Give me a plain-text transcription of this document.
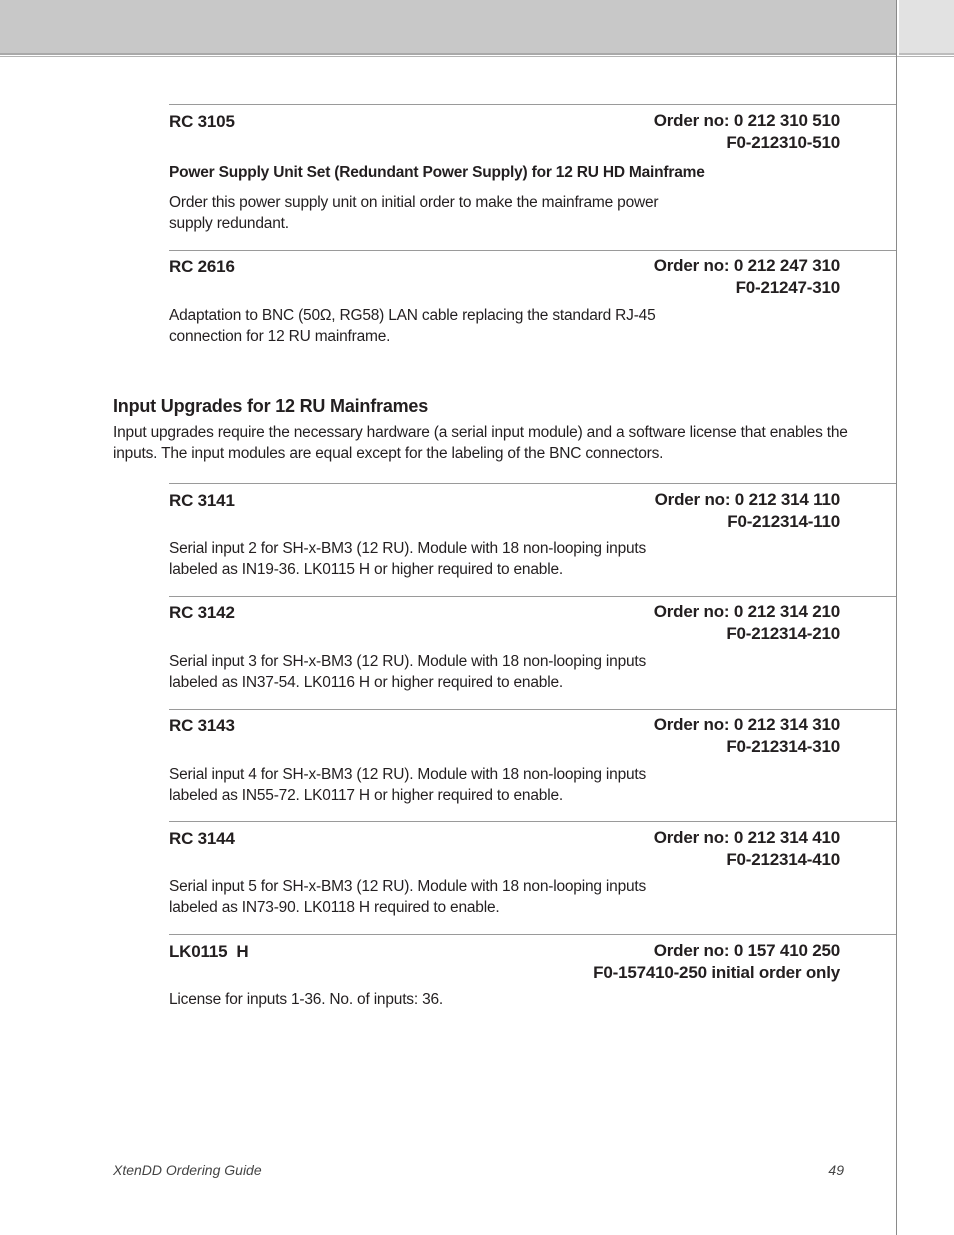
RC 3105	Order no: 0 212 310 510
F0-212310-510
Power Supply Unit Set (Redundant Power Supply) for 12 RU HD Mainframe
Order this power supply unit on initial order to make the mainframe power supply redundant.
RC 2616	Order no: 0 212 247 310
F0-21247-310
Adaptation to BNC (50Ω, RG58) LAN cable replacing the standard RJ-45 connection for 12 RU mainframe.
Input Upgrades for 12 RU Mainframes
Input upgrades require the necessary hardware (a serial input module) and a software license that enables the inputs. The input modules are equal except for the labeling of the BNC connectors.
RC 3141	Order no: 0 212 314 110
F0-212314-110
Serial input 2 for SH-x-BM3 (12 RU). Module with 18 non-looping inputs labeled as IN19-36. LK0115 H or higher required to enable.
RC 3142	Order no: 0 212 314 210
F0-212314-210
Serial input 3 for SH-x-BM3 (12 RU). Module with 18 non-looping inputs labeled as IN37-54. LK0116 H or higher required to enable.
RC 3143	Order no: 0 212 314 310
F0-212314-310
Serial input 4 for SH-x-BM3 (12 RU). Module with 18 non-looping inputs labeled as IN55-72. LK0117 H or higher required to enable.
RC 3144	Order no: 0 212 314 410
F0-212314-410
Serial input 5 for SH-x-BM3 (12 RU). Module with 18 non-looping inputs labeled as IN73-90. LK0118 H required to enable.
LK0115  H	Order no: 0 157 410 250
F0-157410-250 initial order only
License for inputs 1-36. No. of inputs: 36.
XtenDD Ordering Guide	49
